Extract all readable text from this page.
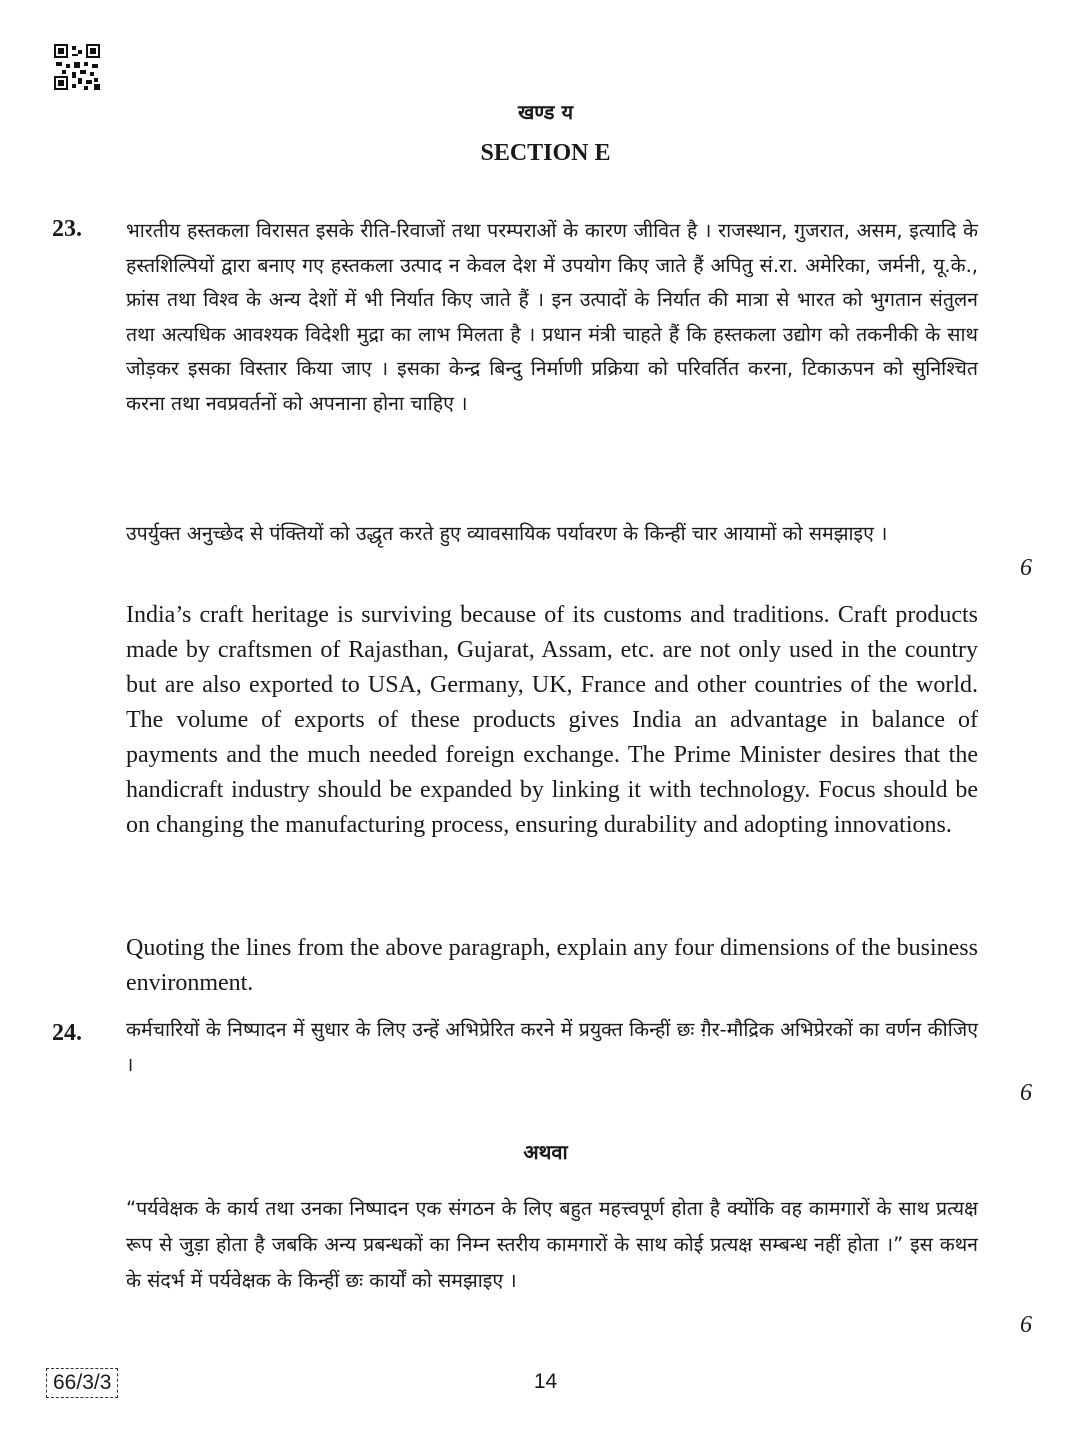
खण्ड य
SECTION E
23. भारतीय हस्तकला विरासत इसके रीति-रिवाजों तथा परम्पराओं के कारण जीवित है । राजस्थान, गुजरात, असम, इत्यादि के हस्तशिल्पियों द्वारा बनाए गए हस्तकला उत्पाद न केवल देश में उपयोग किए जाते हैं अपितु सं.रा. अमेरिका, जर्मनी, यू.के., फ्रांस तथा विश्व के अन्य देशों में भी निर्यात किए जाते हैं । इन उत्पादों के निर्यात की मात्रा से भारत को भुगतान संतुलन तथा अत्यधिक आवश्यक विदेशी मुद्रा का लाभ मिलता है । प्रधान मंत्री चाहते हैं कि हस्तकला उद्योग को तकनीकी के साथ जोड़कर इसका विस्तार किया जाए । इसका केन्द्र बिन्दु निर्माणी प्रक्रिया को परिवर्तित करना, टिकाऊपन को सुनिश्चित करना तथा नवप्रवर्तनों को अपनाना होना चाहिए ।

उपर्युक्त अनुच्छेद से पंक्तियों को उद्धृत करते हुए व्यावसायिक पर्यावरण के किन्हीं चार आयामों को समझाइए ।

6

India’s craft heritage is surviving because of its customs and traditions. Craft products made by craftsmen of Rajasthan, Gujarat, Assam, etc. are not only used in the country but are also exported to USA, Germany, UK, France and other countries of the world. The volume of exports of these products gives India an advantage in balance of payments and the much needed foreign exchange. The Prime Minister desires that the handicraft industry should be expanded by linking it with technology. Focus should be on changing the manufacturing process, ensuring durability and adopting innovations.

Quoting the lines from the above paragraph, explain any four dimensions of the business environment.

24. कर्मचारियों के निष्पादन में सुधार के लिए उन्हें अभिप्रेरित करने में प्रयुक्त किन्हीं छः ग़ैर-मौद्रिक अभिप्रेरकों का वर्णन कीजिए ।

6
अथवा

“पर्यवेक्षक के कार्य तथा उनका निष्पादन एक संगठन के लिए बहुत महत्त्वपूर्ण होता है क्योंकि वह कामगारों के साथ प्रत्यक्ष रूप से जुड़ा होता है जबकि अन्य प्रबन्धकों का निम्न स्तरीय कामगारों के साथ कोई प्रत्यक्ष सम्बन्ध नहीं होता ।” इस कथन के संदर्भ में पर्यवेक्षक के किन्हीं छः कार्यों को समझाइए ।

6
66/3/3	14
